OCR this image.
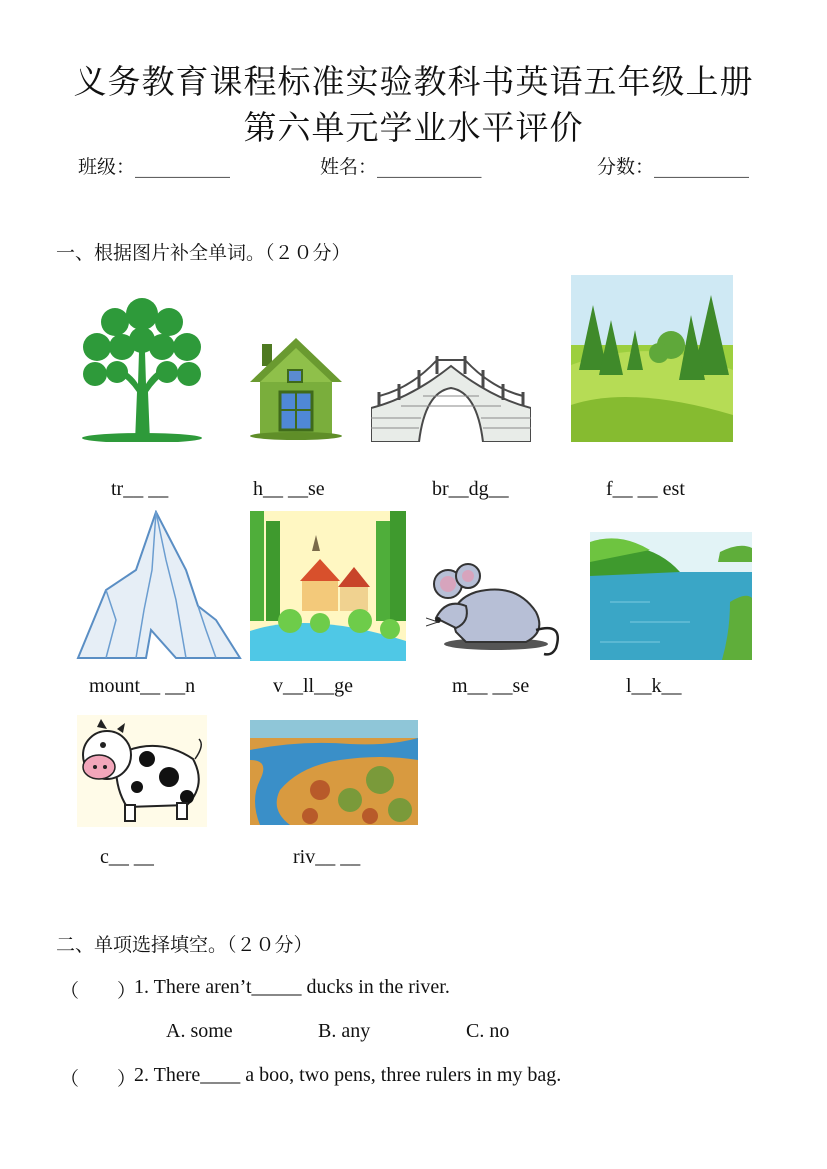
义务教育课程标准实验教科书英语五年级上册
第六单元学业水平评价
班级：__________	姓名：___________	分数：__________
一、根据图片补全单词。（２０分）
tr__ __	h__ __se	br__dg__	f__ __ est
mount__ __n	v__ll__ge	m__ __se	l__k__
c__ __	riv__ __
二、单项选择填空。（２０分）
（　　）
1. There aren’t_____ ducks in the river.
A. some	B. any	C. no
（　　）
2. There____ a boo, two pens, three rulers in my bag.
